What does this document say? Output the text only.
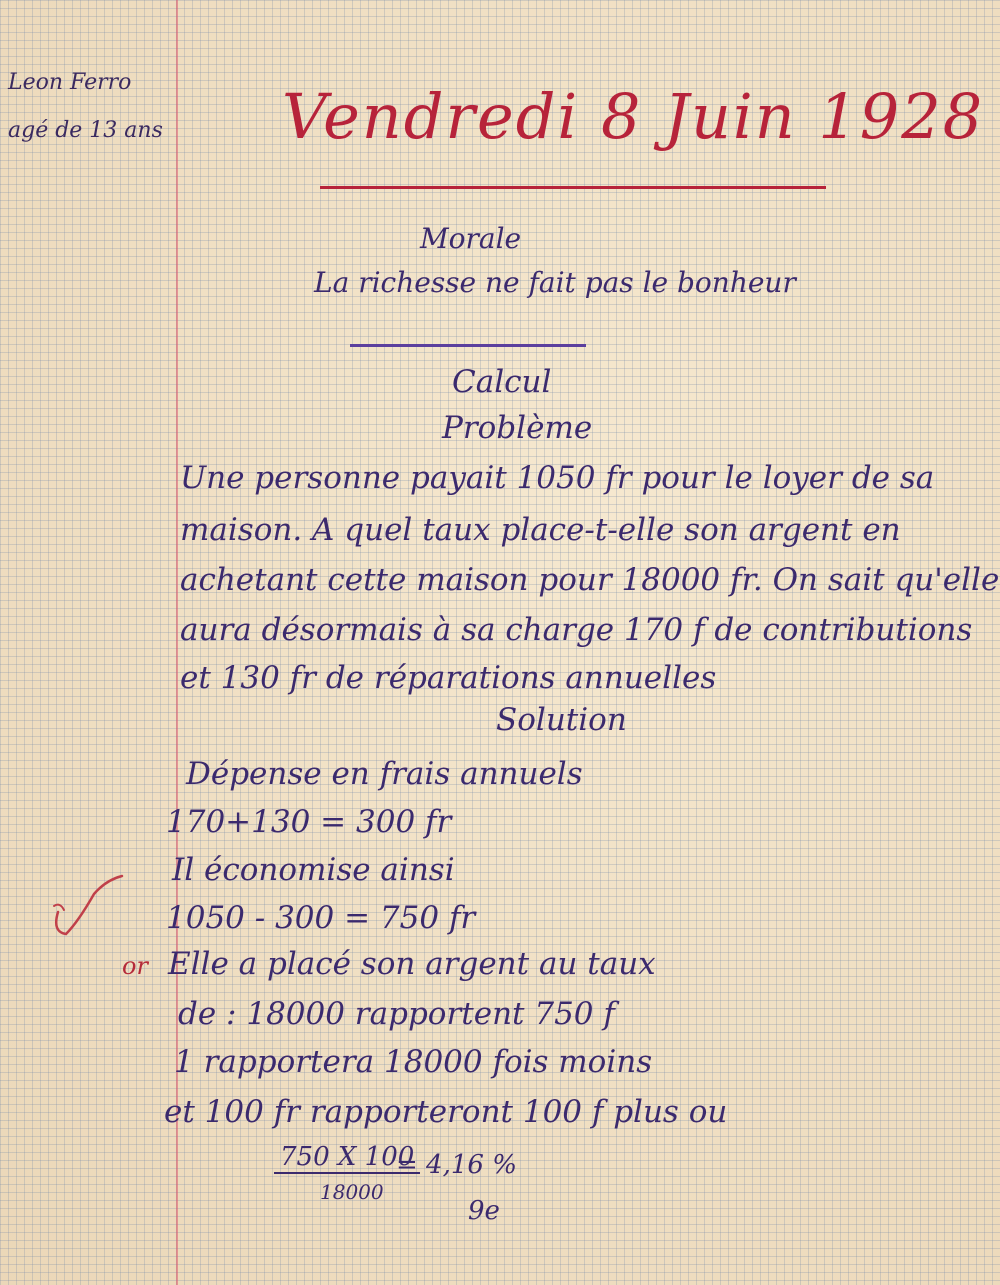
Leon Ferro
agé de 13 ans Vendredi 8 Juin 1928
Morale
La richesse ne fait pas le bonheur
Calcul
Problème
Une personne payait 1050 fr pour le loyer de sa
maison. A quel taux place-t-elle son argent en
achetant cette maison pour 18000 fr. On sait qu'elle
aura désormais à sa charge 170 f de contributions
et 130 fr de réparations annuelles
Solution
Dépense en frais annuels
170+130 = 300 fr
Il économise ainsi
1050 - 300 = 750 fr
or Elle a placé son argent au taux
de : 18000 rapportent 750 f
1 rapportera 18000 fois moins
et 100 fr rapporteront 100 f plus ou
750 X 100
18000
= 4,16 %
9e
